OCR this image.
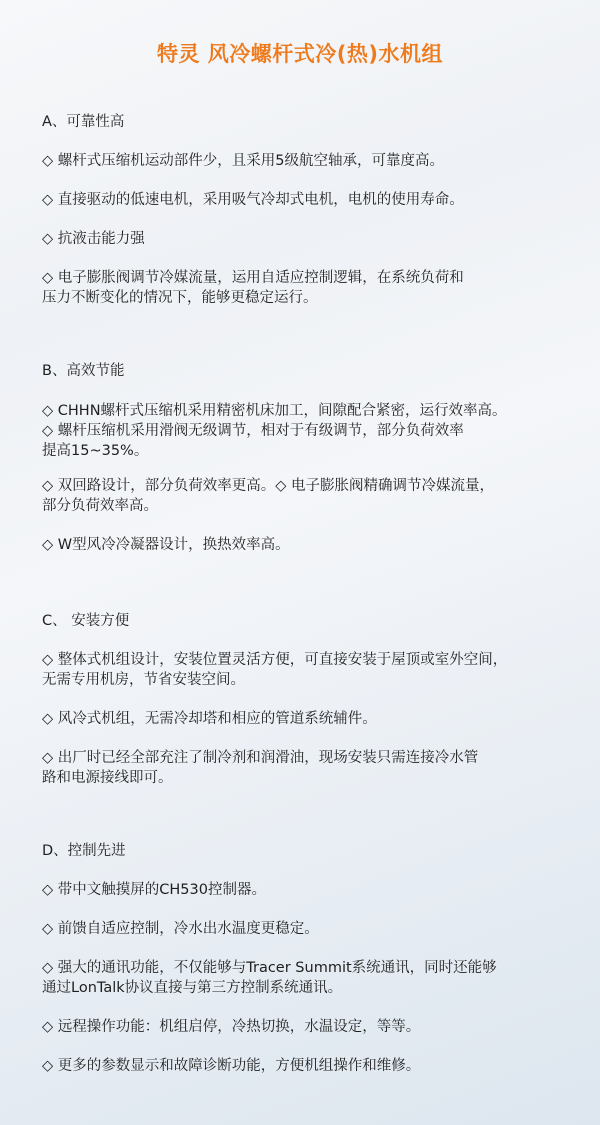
特灵 风冷螺杆式冷(热)水机组

A、可靠性高

◇ 螺杆式压缩机运动部件少，且采用5级航空轴承，可靠度高。

◇ 直接驱动的低速电机，采用吸气冷却式电机，电机的使用寿命。

◇ 抗液击能力强

◇ 电子膨胀阀调节冷媒流量，运用自适应控制逻辑，在系统负荷和
压力不断变化的情况下，能够更稳定运行。

B、高效节能

◇ CHHN螺杆式压缩机采用精密机床加工，间隙配合紧密，运行效率高。
◇ 螺杆压缩机采用滑阀无级调节，相对于有级调节，部分负荷效率
提高15~35%。

◇ 双回路设计，部分负荷效率更高。◇ 电子膨胀阀精确调节冷媒流量，
部分负荷效率高。

◇ W型风冷冷凝器设计，换热效率高。

C、 安装方便

◇ 整体式机组设计，安装位置灵活方便，可直接安装于屋顶或室外空间，
无需专用机房，节省安装空间。

◇ 风冷式机组，无需冷却塔和相应的管道系统辅件。

◇ 出厂时已经全部充注了制冷剂和润滑油，现场安装只需连接冷水管
路和电源接线即可。

D、控制先进

◇ 带中文触摸屏的CH530控制器。

◇ 前馈自适应控制，冷水出水温度更稳定。

◇ 强大的通讯功能，不仅能够与Tracer Summit系统通讯，同时还能够
通过LonTalk协议直接与第三方控制系统通讯。

◇ 远程操作功能：机组启停，冷热切换，水温设定，等等。

◇ 更多的参数显示和故障诊断功能，方便机组操作和维修。
